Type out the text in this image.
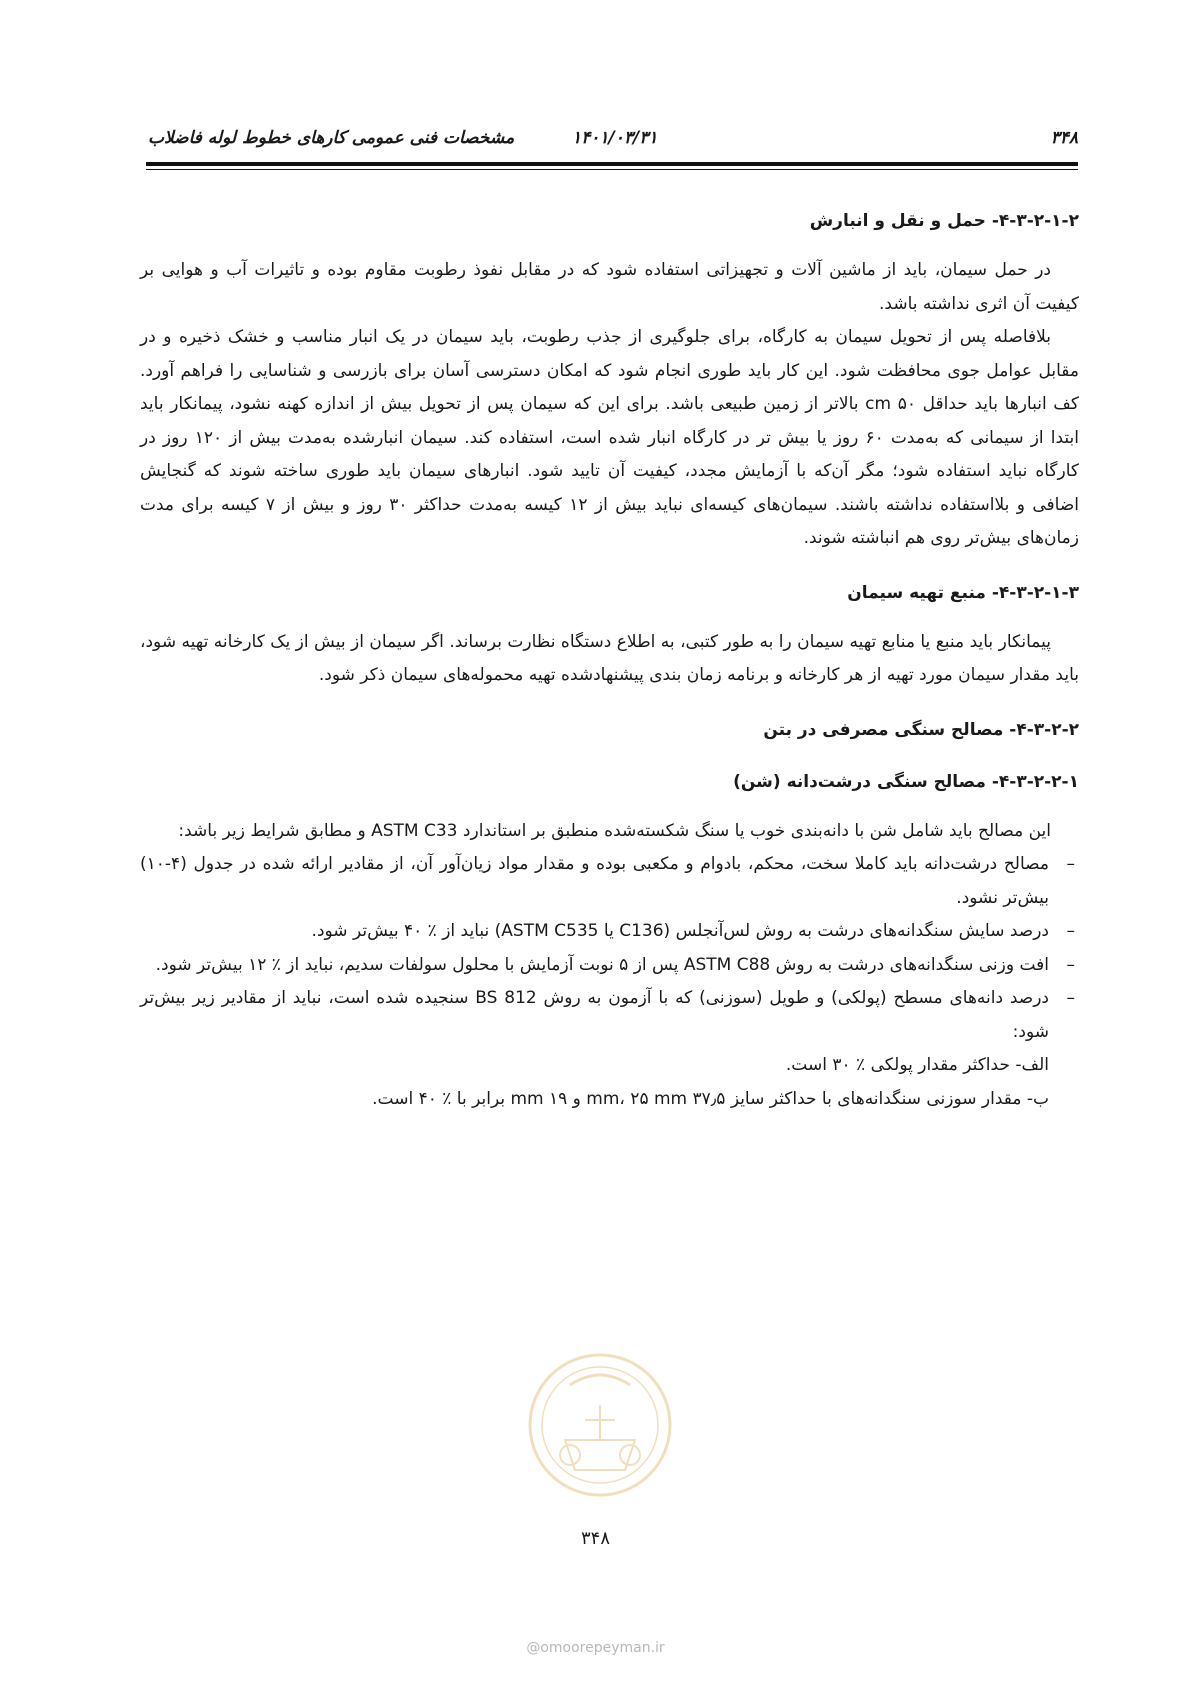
۳۴۸
۱۴۰۱/۰۳/۳۱
مشخصات فنی عمومی کارهای خطوط لوله فاضلاب

۴-۳-۲-۱-۲- حمل و نقل و انبارش

در حمل سیمان، باید از ماشین آلات و تجهیزاتی استفاده شود که در مقابل نفوذ رطوبت مقاوم بوده و تاثیرات آب و هوایی بر کیفیت آن اثری نداشته باشد.

بلافاصله پس از تحویل سیمان به کارگاه، برای جلوگیری از جذب رطوبت، باید سیمان در یک انبار مناسب و خشک ذخیره و در مقابل عوامل جوی محافظت شود. این کار باید طوری انجام شود که امکان دسترسی آسان برای بازرسی و شناسایی را فراهم آورد. کف انبارها باید حداقل ۵۰ cm بالاتر از زمین طبیعی باشد. برای این که سیمان پس از تحویل بیش از اندازه کهنه نشود، پیمانکار باید ابتدا از سیمانی که به‌مدت ۶۰ روز یا بیش تر در کارگاه انبار شده است، استفاده کند. سیمان انبارشده به‌مدت بیش از ۱۲۰ روز در کارگاه نباید استفاده شود؛ مگر آن‌که با آزمایش مجدد، کیفیت آن تایید شود. انبارهای سیمان باید طوری ساخته شوند که گنجایش اضافی و بلااستفاده نداشته باشند. سیمان‌های کیسه‌ای نباید بیش از ۱۲ کیسه به‌مدت حداکثر ۳۰ روز و بیش از ۷ کیسه برای مدت زمان‌های بیش‌تر روی هم انباشته شوند.

۴-۳-۲-۱-۳- منبع تهیه سیمان

پیمانکار باید منبع یا منابع تهیه سیمان را به طور کتبی، به اطلاع دستگاه نظارت برساند. اگر سیمان از بیش از یک کارخانه تهیه شود، باید مقدار سیمان مورد تهیه از هر کارخانه و برنامه زمان بندی پیشنهادشده تهیه محموله‌های سیمان ذکر شود.

۴-۳-۲-۲- مصالح سنگی مصرفی در بتن

۴-۳-۲-۲-۱- مصالح سنگی درشت‌دانه (شن)

این مصالح باید شامل شن با دانه‌بندی خوب یا سنگ شکسته‌شده منطبق بر استاندارد ASTM C33 و مطابق شرایط زیر باشد:

– مصالح درشت‌دانه باید کاملا سخت، محکم، بادوام و مکعبی بوده و مقدار مواد زیان‌آور آن، از مقادیر ارائه شده در جدول (۴-۱۰) بیش‌تر نشود.
– درصد سایش سنگدانه‌های درشت به روش لس‌آنجلس (C136 یا ASTM C535) نباید از ٪ ۴۰ بیش‌تر شود.
– افت وزنی سنگدانه‌های درشت به روش ASTM C88 پس از ۵ نوبت آزمایش با محلول سولفات سدیم، نباید از ٪ ۱۲ بیش‌تر شود.
– درصد دانه‌های مسطح (پولکی) و طویل (سوزنی) که با آزمون به روش BS 812 سنجیده شده است، نباید از مقادیر زیر بیش‌تر شود:

الف- حداکثر مقدار پولکی ٪ ۳۰ است.

ب- مقدار سوزنی سنگدانه‌های با حداکثر سایز ۳۷٫۵ mm، ۲۵ mm و ۱۹ mm برابر با ٪ ۴۰ است.

۳۴۸
@omoorepeyman.ir
